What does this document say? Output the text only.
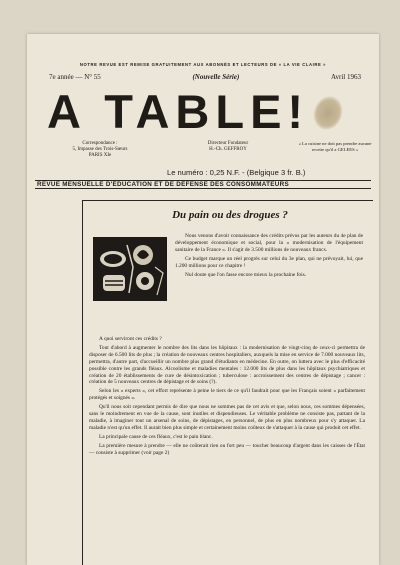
NOTRE REVUE EST REMISE GRATUITEMENT AUX ABONNÉS ET LECTEURS DE « LA VIE CLAIRE »
7e année — N° 55	(Nouvelle Série)	Avril 1963
A TABLE!
Correspondance :
5, Impasse des Trois-Sœurs
PARIS XIe
Directeur Fondateur
H.-Ch. GEFFROY
« La cuisine ne doit pas prendre aucune recette qu'il a GELEES »
Le numéro : 0,25 N.F. - (Belgique 3 fr. B.)
REVUE MENSUELLE D'ÉDUCATION ET DE DÉFENSE DES CONSOMMATEURS
Du pain ou des drogues ?

Nous venons d'avoir connaissance des crédits prévus par les auteurs du 4e plan de développement économique et social, pour la « modernisation de l'équipement sanitaire de la France ». Il s'agit de 3.500 millions de nouveaux francs.

Ce budget marque un réel progrès sur celui du 3e plan, qui ne prévoyait, lui, que 1.200 millions pour ce chapitre !

Nul doute que l'on fasse encore mieux la prochaine fois.

A quoi serviront ces crédits ?

Tout d'abord à augmenter le nombre des lits dans les hôpitaux : la modernisation de vingt-cinq de ceux-ci permettra de disposer de 6.500 lits de plus ; la création de nouveaux centres hospitaliers, auxquels la mise en service de 7.000 nouveaux lits, permettra, d'autre part, d'accueillir un nombre plus grand d'étudiants en médecine. En outre, on luttera avec le plus d'efficacité possible contre les grands fléaux. Alcoolisme et maladies mentales : 12.000 lits de plus dans les hôpitaux psychiatriques et création de 20 établissements de cure de désintoxication ; tuberculose : accroissement des centres de dépistage ; cancer : création de 5 nouveaux centres de dépistage et de soins (?).

Selon les « experts », cet effort représente à peine le tiers de ce qu'il faudrait pour que les Français soient « parfaitement protégés et soignés ».

Qu'il nous soit cependant permis de dire que nous ne sommes pas de cet avis et que, selon nous, ces sommes dépensées, sans le moindrement en vue de la cause, sont inutiles et dispendieuses. Le véritable problème ne consiste pas, partant de la maladie, à imaginer tout un arsenal de soins, de dépistages, en personnel, de plus en plus nombreux pour s'y attaquer. La maladie n'est qu'un effet. Il aurait bien plus simple et certainement moins coûteux de s'attaquer à la cause qui produit cet effet.

La principale cause de ces fléaux, c'est le pain blanc.

La première mesure à prendre — elle ne coûterait rien ou fort peu — toucher beaucoup d'argent dans les caisses de l'État — consiste à supprimer (voir page 2)
